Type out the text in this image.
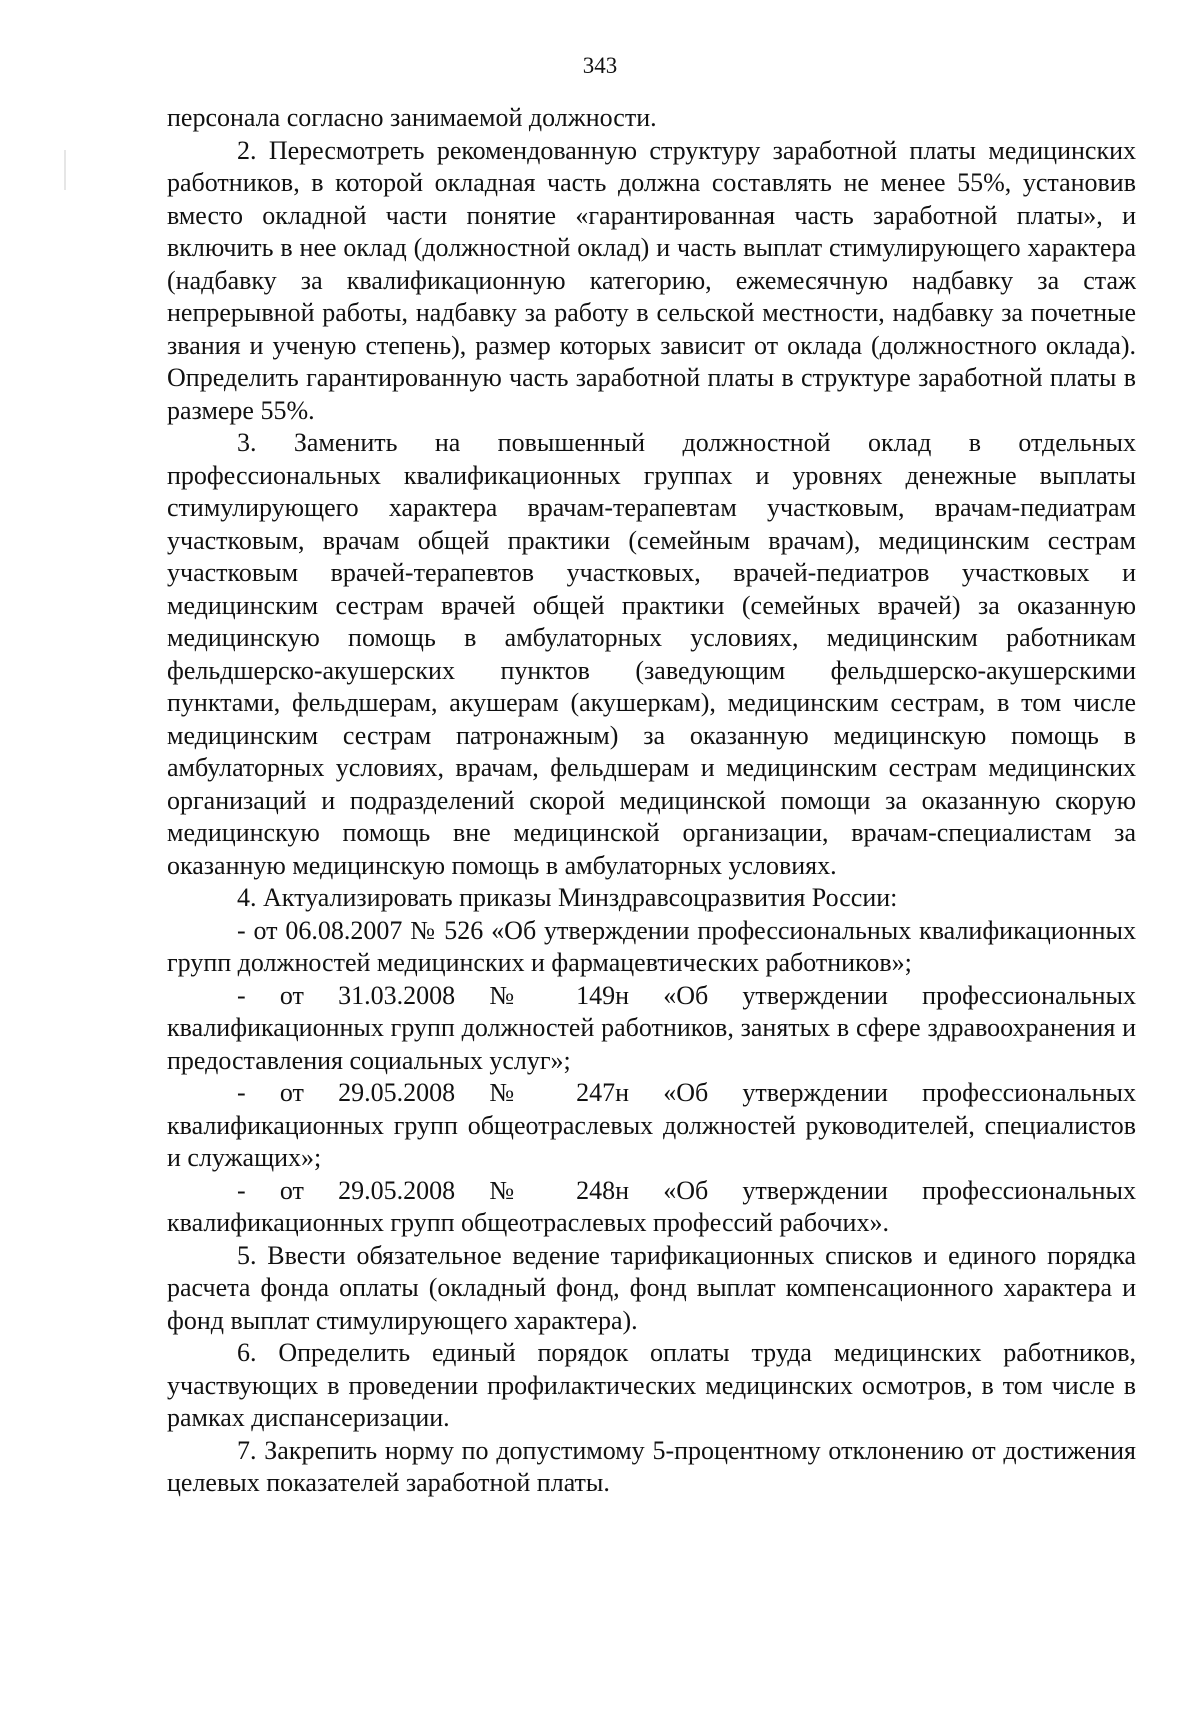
343

персонала согласно занимаемой должности.

2. Пересмотреть рекомендованную структуру заработной платы медицинских работников, в которой окладная часть должна составлять не менее 55%, установив вместо окладной части понятие «гарантированная часть заработной платы», и включить в нее оклад (должностной оклад) и часть выплат стимулирующего характера (надбавку за квалификационную категорию, ежемесячную надбавку за стаж непрерывной работы, надбавку за работу в сельской местности, надбавку за почетные звания и ученую степень), размер которых зависит от оклада (должностного оклада). Определить гарантированную часть заработной платы в структуре заработной платы в размере 55%.

3. Заменить на повышенный должностной оклад в отдельных профессиональных квалификационных группах и уровнях денежные выплаты стимулирующего характера врачам-терапевтам участковым, врачам-педиатрам участковым, врачам общей практики (семейным врачам), медицинским сестрам участковым врачей-терапевтов участковых, врачей-педиатров участковых и медицинским сестрам врачей общей практики (семейных врачей) за оказанную медицинскую помощь в амбулаторных условиях, медицинским работникам фельдшерско-акушерских пунктов (заведующим фельдшерско-акушерскими пунктами, фельдшерам, акушерам (акушеркам), медицинским сестрам, в том числе медицинским сестрам патронажным) за оказанную медицинскую помощь в амбулаторных условиях, врачам, фельдшерам и медицинским сестрам медицинских организаций и подразделений скорой медицинской помощи за оказанную скорую медицинскую помощь вне медицинской организации, врачам-специалистам за оказанную медицинскую помощь в амбулаторных условиях.

4. Актуализировать приказы Минздравсоцразвития России:

- от 06.08.2007 № 526 «Об утверждении профессиональных квалификационных групп должностей медицинских и фармацевтических работников»;

- от 31.03.2008 № 149н «Об утверждении профессиональных квалификационных групп должностей работников, занятых в сфере здравоохранения и предоставления социальных услуг»;

- от 29.05.2008 № 247н «Об утверждении профессиональных квалификационных групп общеотраслевых должностей руководителей, специалистов и служащих»;

- от 29.05.2008 № 248н «Об утверждении профессиональных квалификационных групп общеотраслевых профессий рабочих».

5. Ввести обязательное ведение тарификационных списков и единого порядка расчета фонда оплаты (окладный фонд, фонд выплат компенсационного характера и фонд выплат стимулирующего характера).

6. Определить единый порядок оплаты труда медицинских работников, участвующих в проведении профилактических медицинских осмотров, в том числе в рамках диспансеризации.

7. Закрепить норму по допустимому 5-процентному отклонению от достижения целевых показателей заработной платы.
